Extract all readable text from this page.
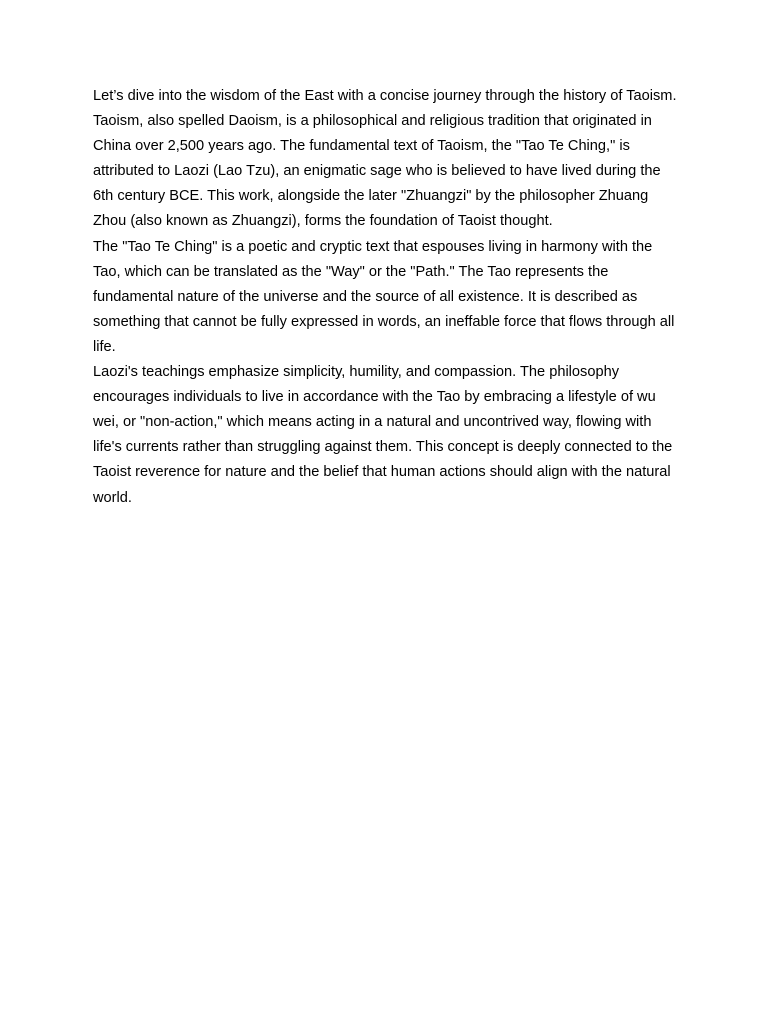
Let’s dive into the wisdom of the East with a concise journey through the history of Taoism.

Taoism, also spelled Daoism, is a philosophical and religious tradition that originated in China over 2,500 years ago. The fundamental text of Taoism, the "Tao Te Ching," is attributed to Laozi (Lao Tzu), an enigmatic sage who is believed to have lived during the 6th century BCE. This work, alongside the later "Zhuangzi" by the philosopher Zhuang Zhou (also known as Zhuangzi), forms the foundation of Taoist thought.

The "Tao Te Ching" is a poetic and cryptic text that espouses living in harmony with the Tao, which can be translated as the "Way" or the "Path." The Tao represents the fundamental nature of the universe and the source of all existence. It is described as something that cannot be fully expressed in words, an ineffable force that flows through all life.

Laozi's teachings emphasize simplicity, humility, and compassion. The philosophy encourages individuals to live in accordance with the Tao by embracing a lifestyle of wu wei, or "non-action," which means acting in a natural and uncontrived way, flowing with life's currents rather than struggling against them. This concept is deeply connected to the Taoist reverence for nature and the belief that human actions should align with the natural world.
